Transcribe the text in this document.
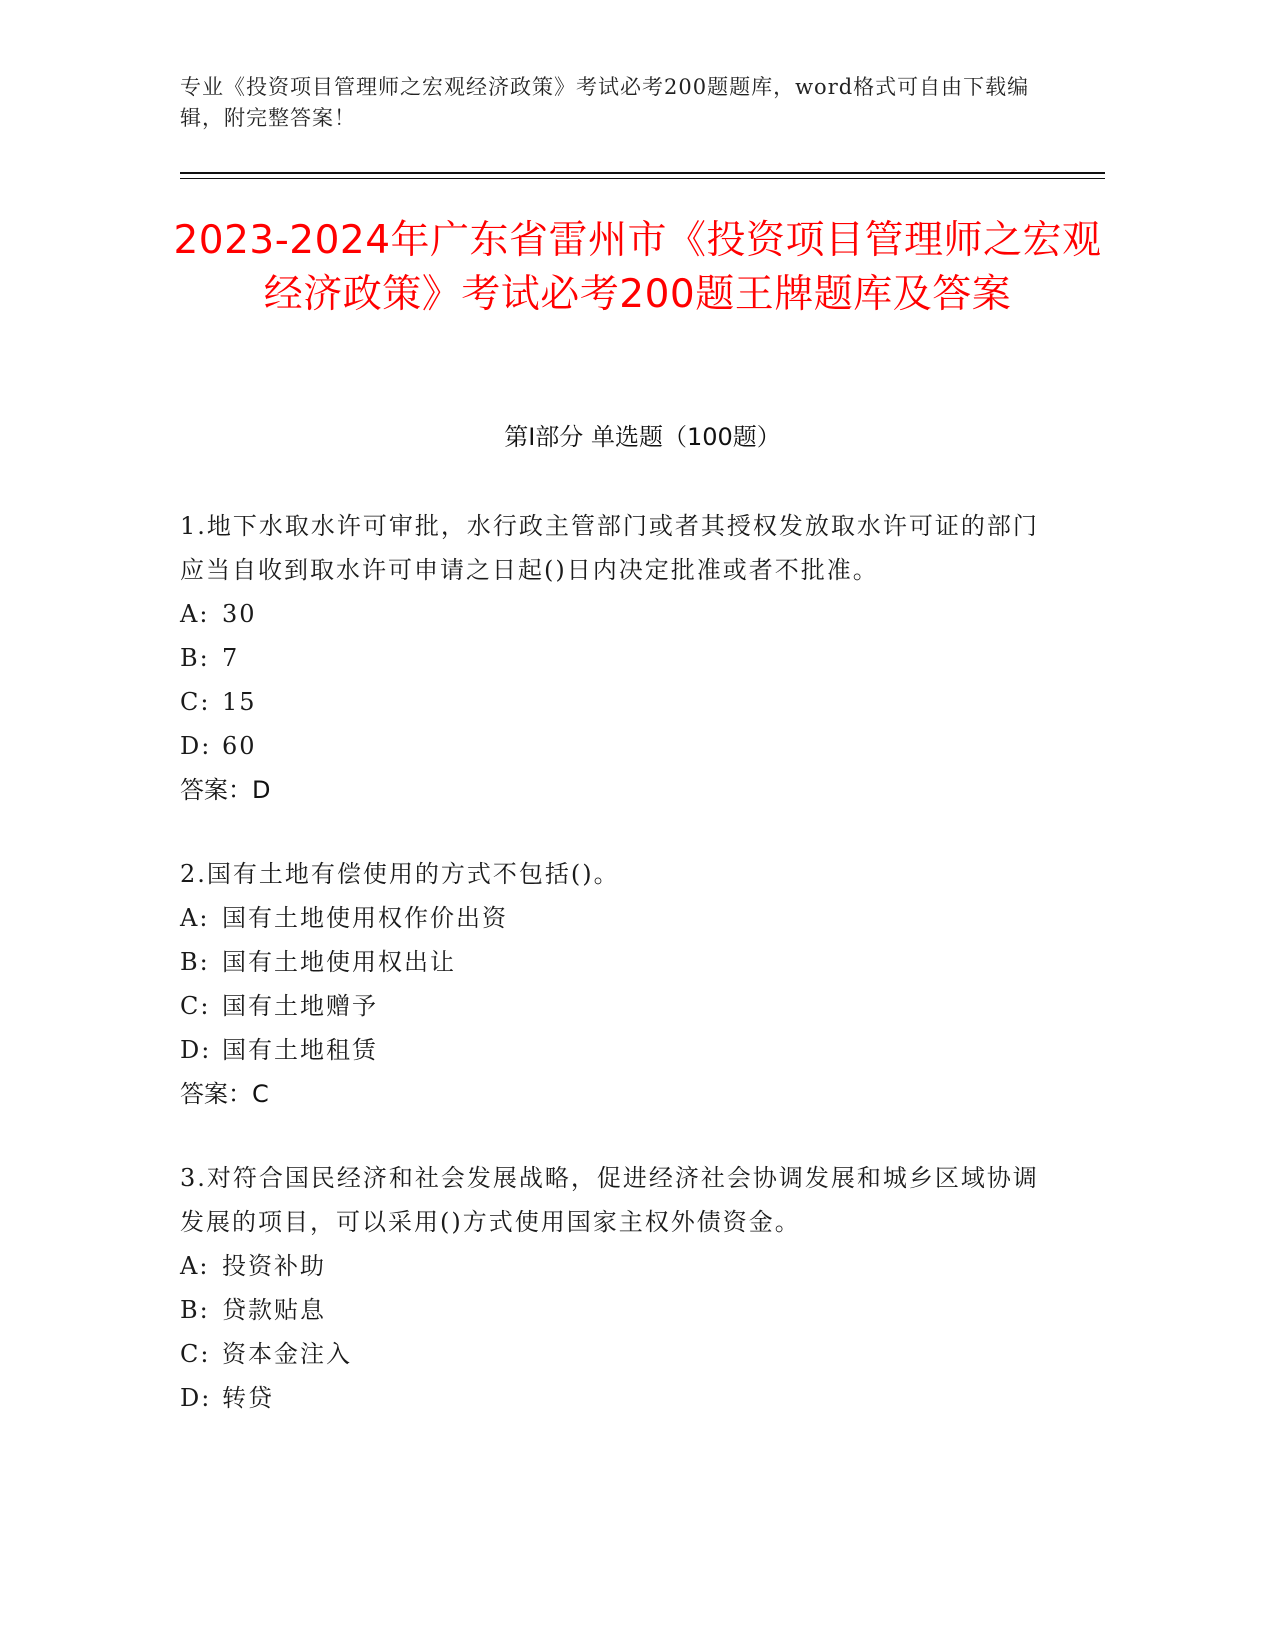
专业《投资项目管理师之宏观经济政策》考试必考200题题库，word格式可自由下载编辑，附完整答案！
2023-2024年广东省雷州市《投资项目管理师之宏观经济政策》考试必考200题王牌题库及答案
第I部分 单选题（100题）

1.地下水取水许可审批，水行政主管部门或者其授权发放取水许可证的部门应当自收到取水许可申请之日起()日内决定批准或者不批准。

A: 30

B: 7

C: 15

D: 60

答案：D

2.国有土地有偿使用的方式不包括()。

A: 国有土地使用权作价出资

B: 国有土地使用权出让

C: 国有土地赠予

D: 国有土地租赁

答案：C

3.对符合国民经济和社会发展战略，促进经济社会协调发展和城乡区域协调发展的项目，可以采用()方式使用国家主权外债资金。

A: 投资补助

B: 贷款贴息

C: 资本金注入

D: 转贷
